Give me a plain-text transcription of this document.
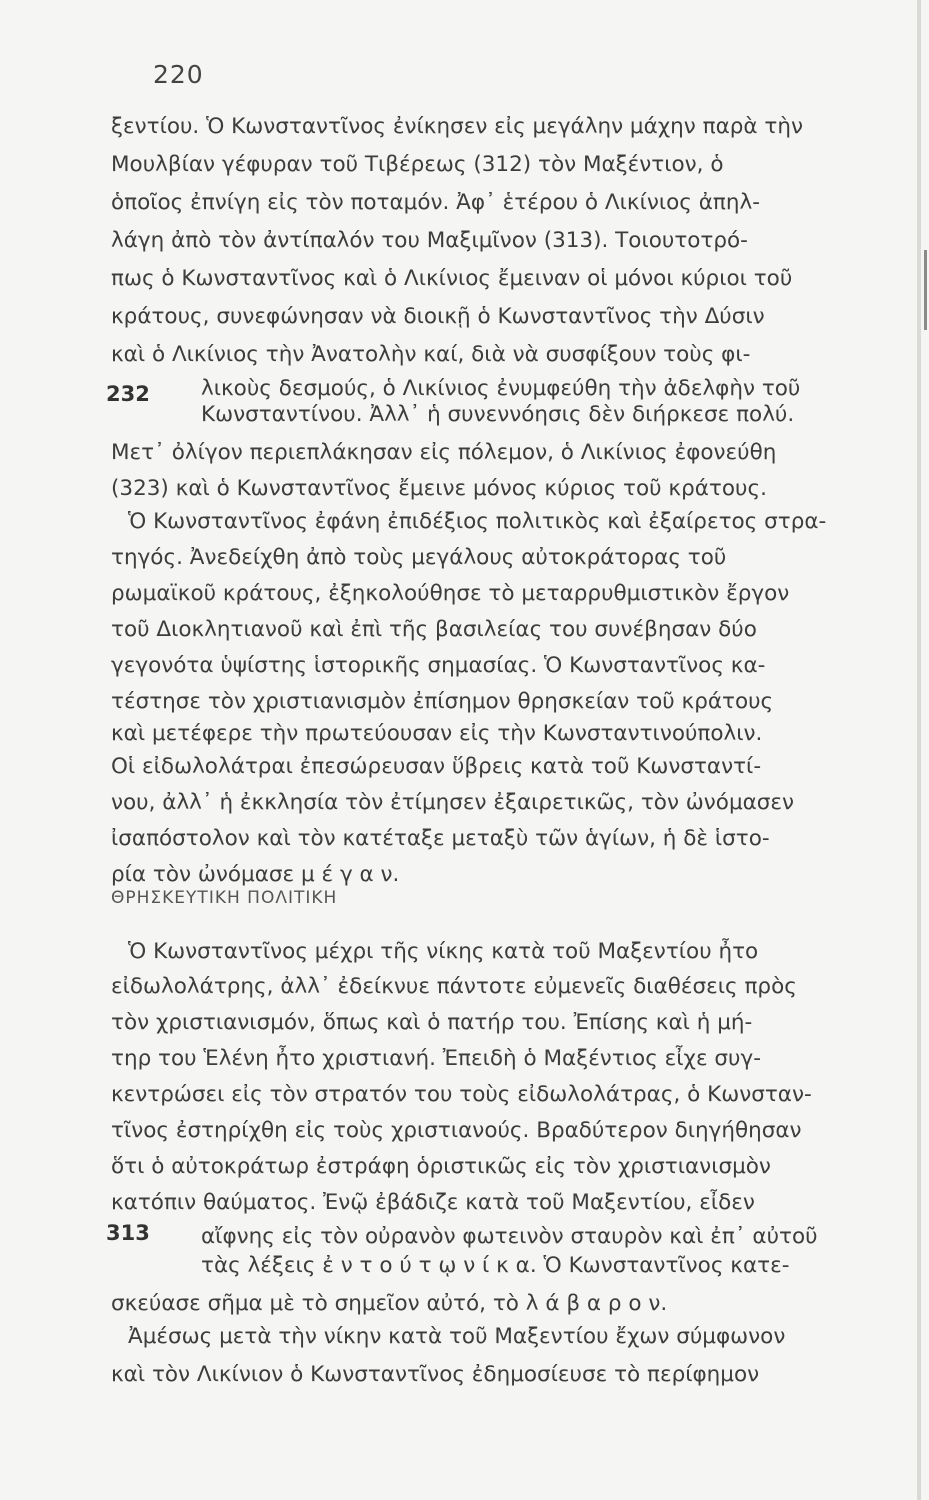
220
ξεντίου. Ὁ Κωνσταντῖνος ἐνίκησεν εἰς μεγάλην μάχην παρὰ τὴν
Μουλβίαν γέφυραν τοῦ Τιβέρεως (312) τὸν Μαξέντιον, ὁ
ὁποῖος ἐπνίγη εἰς τὸν ποταμόν. Ἀφ᾽ ἑτέρου ὁ Λικίνιος ἀπηλ-
λάγη ἀπὸ τὸν ἀντίπαλόν του Μαξιμῖνον (313). Τοιουτοτρό-
πως ὁ Κωνσταντῖνος καὶ ὁ Λικίνιος ἔμειναν οἱ μόνοι κύριοι τοῦ
κράτους, συνεφώνησαν νὰ διοικῇ ὁ Κωνσταντῖνος τὴν Δύσιν
καὶ ὁ Λικίνιος τὴν Ἀνατολὴν καί, διὰ νὰ συσφίξουν τοὺς φι-
λικοὺς δεσμούς, ὁ Λικίνιος ἐνυμφεύθη τὴν ἀδελφὴν τοῦ
Κωνσταντίνου. Ἀλλ᾽ ἡ συνεννόησις δὲν διήρκεσε πολύ.
Μετ᾽ ὀλίγον περιεπλάκησαν εἰς πόλεμον, ὁ Λικίνιος ἐφονεύθη
(323) καὶ ὁ Κωνσταντῖνος ἔμεινε μόνος κύριος τοῦ κράτους.
Ὁ Κωνσταντῖνος ἐφάνη ἐπιδέξιος πολιτικὸς καὶ ἐξαίρετος στρα-
τηγός. Ἀνεδείχθη ἀπὸ τοὺς μεγάλους αὐτοκράτορας τοῦ
ρωμαϊκοῦ κράτους, ἐξηκολούθησε τὸ μεταρρυθμιστικὸν ἔργον
τοῦ Διοκλητιανοῦ καὶ ἐπὶ τῆς βασιλείας του συνέβησαν δύο
γεγονότα ὑψίστης ἱστορικῆς σημασίας. Ὁ Κωνσταντῖνος κα-
τέστησε τὸν χριστιανισμὸν ἐπίσημον θρησκείαν τοῦ κράτους
καὶ μετέφερε τὴν πρωτεύουσαν εἰς τὴν Κωνσταντινούπολιν.
Οἱ εἰδωλολάτραι ἐπεσώρευσαν ὕβρεις κατὰ τοῦ Κωνσταντί-
νου, ἀλλ᾽ ἡ ἐκκλησία τὸν ἐτίμησεν ἐξαιρετικῶς, τὸν ὠνόμασεν
ἰσαπόστολον καὶ τὸν κατέταξε μεταξὺ τῶν ἁγίων, ἡ δὲ ἱστο-
ρία τὸν ὠνόμασε μ έ γ α ν.
Ὁ Κωνσταντῖνος μέχρι τῆς νίκης κατὰ τοῦ Μαξεντίου ἦτο
εἰδωλολάτρης, ἀλλ᾽ ἐδείκνυε πάντοτε εὐμενεῖς διαθέσεις πρὸς
τὸν χριστιανισμόν, ὅπως καὶ ὁ πατήρ του. Ἐπίσης καὶ ἡ μή-
τηρ του Ἑλένη ἦτο χριστιανή. Ἐπειδὴ ὁ Μαξέντιος εἶχε συγ-
κεντρώσει εἰς τὸν στρατόν του τοὺς εἰδωλολάτρας, ὁ Κωνσταν-
τῖνος ἐστηρίχθη εἰς τοὺς χριστιανούς. Βραδύτερον διηγήθησαν
ὅτι ὁ αὐτοκράτωρ ἐστράφη ὁριστικῶς εἰς τὸν χριστιανισμὸν
κατόπιν θαύματος. Ἐνῷ ἐβάδιζε κατὰ τοῦ Μαξεντίου, εἶδεν
αἴφνης εἰς τὸν οὐρανὸν φωτεινὸν σταυρὸν καὶ ἐπ᾽ αὐτοῦ
τὰς λέξεις ἐ ν τ ο ύ τ ῳ ν ί κ α. Ὁ Κωνσταντῖνος κατε-
σκεύασε σῆμα μὲ τὸ σημεῖον αὐτό, τὸ λ ά β α ρ ο ν.
Ἀμέσως μετὰ τὴν νίκην κατὰ τοῦ Μαξεντίου ἔχων σύμφωνον
καὶ τὸν Λικίνιον ὁ Κωνσταντῖνος ἐδημοσίευσε τὸ περίφημον
232
ΘΡΗΣΚΕΥΤΙΚΗ ΠΟΛΙΤΙΚΗ
313
